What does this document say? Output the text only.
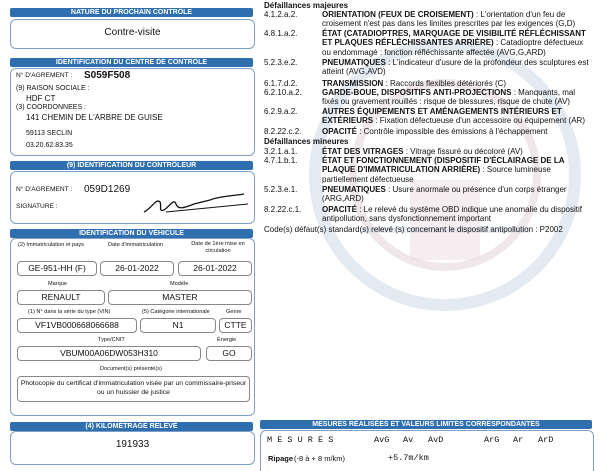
NATURE DU PROCHAIN CONTRÔLE
Contre-visite
IDENTIFICATION DU CENTRE DE CONTRÔLE
N° D'AGREMENT : S059F508
(9) RAISON SOCIALE :
HDF CT
(3) COORDONNEES :
141 CHEMIN DE L'ARBRE DE GUISE
59113 SECLIN
03.20.62.83.35
(9) IDENTIFICATION DU CONTRÔLEUR
N° D'AGREMENT : 059D1269
SIGNATURE :
IDENTIFICATION DU VÉHICULE
(2) Immatriculation et pays	Date d'immatriculation	Date de 1ère mise en circulation
GE-951-HH (F)	26-01-2022	26-01-2022
Marque	Modèle
RENAULT	MASTER
(1) N° dans la série du type (VIN)	(5) Catégorie internationale	Genre
VF1VB000668066688	N1	CTTE
Type/CNIT	Énergie
VBUM00A06DW053H310	GO
Document(s) présenté(s)
Photocopie du certificat d'immatriculation visée par un commissaire-priseur ou un huissier de justice
(4) KILOMÉTRAGE RELEVÉ
191933
Défaillances majeures
4.1.2.a.2.	ORIENTATION (FEUX DE CROISEMENT) : L'orientation d'un feu de croisement n'est pas dans les limites prescrites par les exigences (G,D)
4.8.1.a.2.	ÉTAT (CATADIOPTRES, MARQUAGE DE VISIBILITÉ RÉFLÉCHISSANT ET PLAQUES RÉFLÉCHISSANTES ARRIÈRE) : Catadioptre défectueux ou endommagé : fonction réfléchissante affectée (AVG,G,ARD)
5.2.3.e.2.	PNEUMATIQUES : L'indicateur d'usure de la profondeur des sculptures est atteint (AVG,AVD)
6.1.7.d.2.	TRANSMISSION : Raccords flexibles détériorés (C)
6.2.10.a.2.	GARDE-BOUE, DISPOSITIFS ANTI-PROJECTIONS : Manquants, mal fixés ou gravement rouillés : risque de blessures, risque de chute (AV)
6.2.9.a.2.	AUTRES ÉQUIPEMENTS ET AMÉNAGEMENTS INTÉRIEURS ET EXTÉRIEURS : Fixation défectueuse d'un accessoire ou équipement (AR)
8.2.22.c.2.	OPACITÉ : Contrôle impossible des émissions à l'échappement
Défaillances mineures
3.2.1.a.1.	ÉTAT DES VITRAGES : Vitrage fissuré ou décoloré (AV)
4.7.1.b.1.	ÉTAT ET FONCTIONNEMENT (DISPOSITIF D'ÉCLAIRAGE DE LA PLAQUE D'IMMATRICULATION ARRIÈRE) : Source lumineuse partiellement défectueuse
5.2.3.e.1.	PNEUMATIQUES : Usure anormale ou présence d'un corps étranger (ARG,ARD)
8.2.22.c.1.	OPACITÉ : Le relevé du système OBD indique une anomalie du dispositif antipollution, sans dysfonctionnement important
Code(s) défaut(s) standard(s) relevé (s) concernant le dispositif antipollution : P2002
MESURES RÉALISÉES ET VALEURS LIMITES CORRESPONDANTES
M E S U R E S	AvG Av AvD	ArG Ar ArD
Ripage (-8 à + 8 m/km)	+5.7m/km
